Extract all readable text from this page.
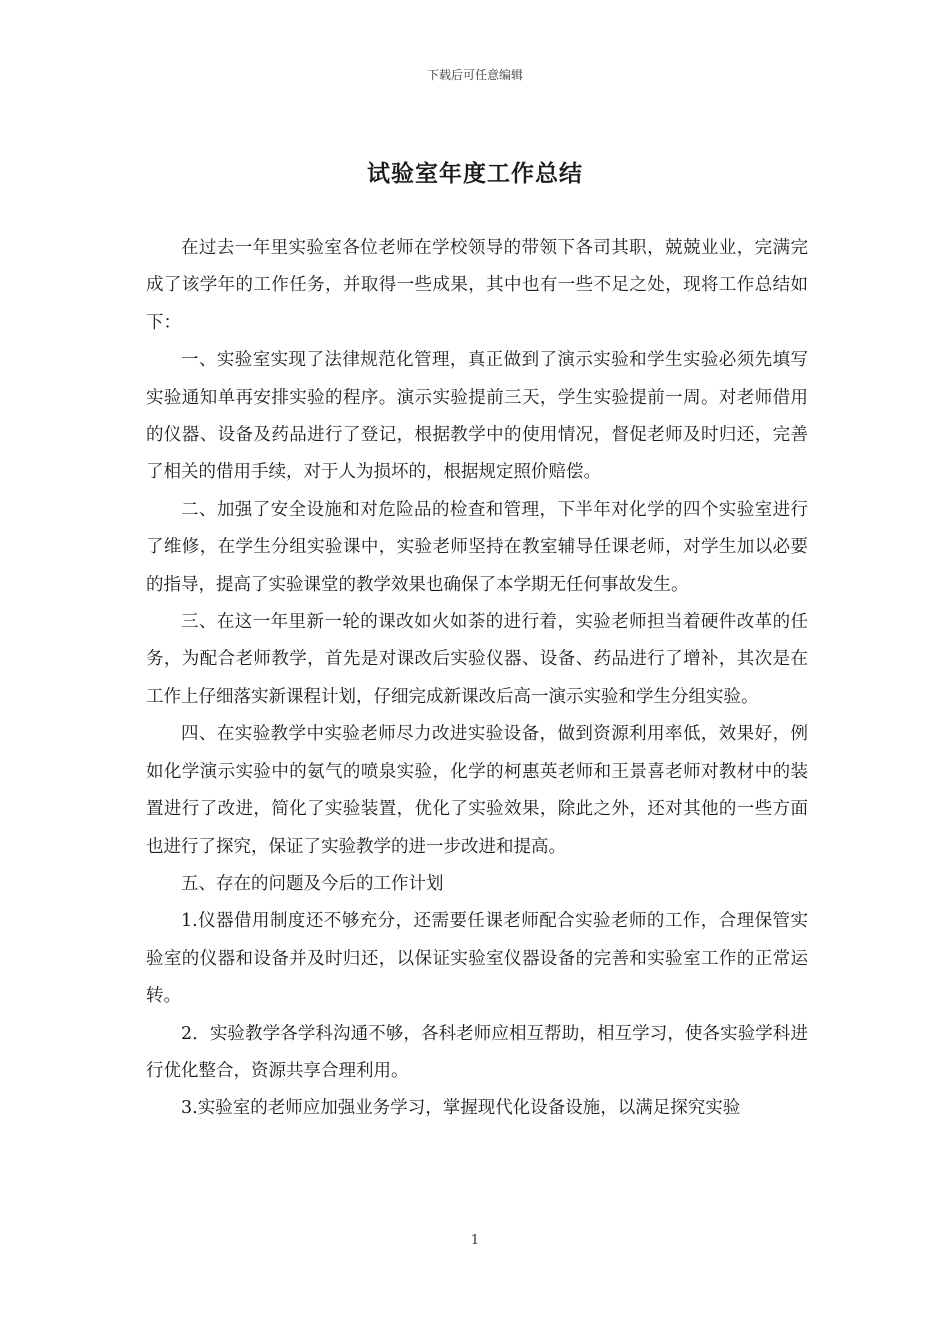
下载后可任意编辑
试验室年度工作总结

在过去一年里实验室各位老师在学校领导的带领下各司其职，兢兢业业，完满完成了该学年的工作任务，并取得一些成果，其中也有一些不足之处，现将工作总结如下：

一、实验室实现了法律规范化管理，真正做到了演示实验和学生实验必须先填写实验通知单再安排实验的程序。演示实验提前三天，学生实验提前一周。对老师借用的仪器、设备及药品进行了登记，根据教学中的使用情况，督促老师及时归还，完善了相关的借用手续，对于人为损坏的，根据规定照价赔偿。

二、加强了安全设施和对危险品的检查和管理，下半年对化学的四个实验室进行了维修，在学生分组实验课中，实验老师坚持在教室辅导任课老师，对学生加以必要的指导，提高了实验课堂的教学效果也确保了本学期无任何事故发生。

三、在这一年里新一轮的课改如火如荼的进行着，实验老师担当着硬件改革的任务，为配合老师教学，首先是对课改后实验仪器、设备、药品进行了增补，其次是在工作上仔细落实新课程计划，仔细完成新课改后高一演示实验和学生分组实验。

四、在实验教学中实验老师尽力改进实验设备，做到资源利用率低，效果好，例如化学演示实验中的氨气的喷泉实验，化学的柯惠英老师和王景喜老师对教材中的装置进行了改进，简化了实验装置，优化了实验效果，除此之外，还对其他的一些方面也进行了探究，保证了实验教学的进一步改进和提高。

五、存在的问题及今后的工作计划

1.仪器借用制度还不够充分，还需要任课老师配合实验老师的工作，合理保管实验室的仪器和设备并及时归还，以保证实验室仪器设备的完善和实验室工作的正常运转。

2．实验教学各学科沟通不够，各科老师应相互帮助，相互学习，使各实验学科进行优化整合，资源共享合理利用。

3.实验室的老师应加强业务学习，掌握现代化设备设施，以满足探究实验

1
